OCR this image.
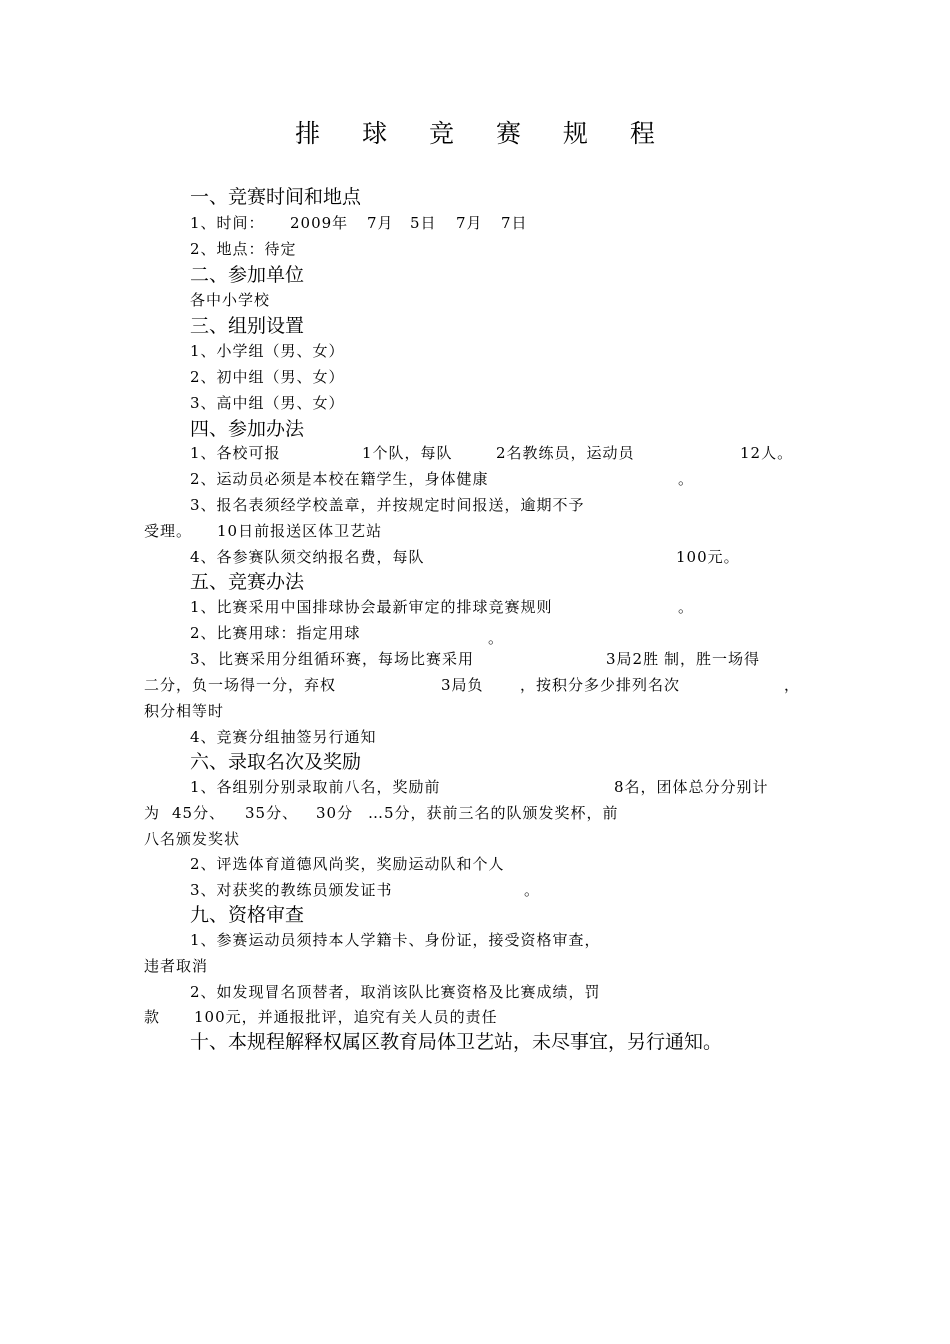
排 球 竞 赛 规 程
一、竞赛时间和地点
1、时间： 2009年 7月 5日 7月 7日
2、地点：待定
二、参加单位
各中小学校
三、组别设置
1、小学组（男、女）
2、初中组（男、女）
3、高中组（男、女）
四、参加办法
1、各校可报	1个队，每队	2名教练员，运动员	12人。
2、运动员必须是本校在籍学生，身体健康	。
3、报名表须经学校盖章，并按规定时间报送，逾期不予
受理。 10日前报送区体卫艺站
4、各参赛队须交纳报名费，每队	100元。
五、竞赛办法
1、比赛采用中国排球协会最新审定的排球竞赛规则	。
2、比赛用球：指定用球	。
3、 比赛采用分组循环赛，每场比赛采用	3局2胜 制，胜一场得
二分，负一场得一分，弃权	3局负 ，按积分多少排列名次	，
积分相等时
4、竞赛分组抽签另行通知
六、录取名次及奖励
1、各组别分别录取前八名，奖励前	8名，团体总分分别计
为 45分、 35分、 30分 …5分，获前三名的队颁发奖杯，前
八名颁发奖状
2、评选体育道德风尚奖，奖励运动队和个人
3、对获奖的教练员颁发证书	。
九、资格审查
1、参赛运动员须持本人学籍卡、身份证，接受资格审查，
违者取消
2、如发现冒名顶替者，取消该队比赛资格及比赛成绩，罚
款 100元，并通报批评，追究有关人员的责任
十、本规程解释权属区教育局体卫艺站，未尽事宜，另行通知。
